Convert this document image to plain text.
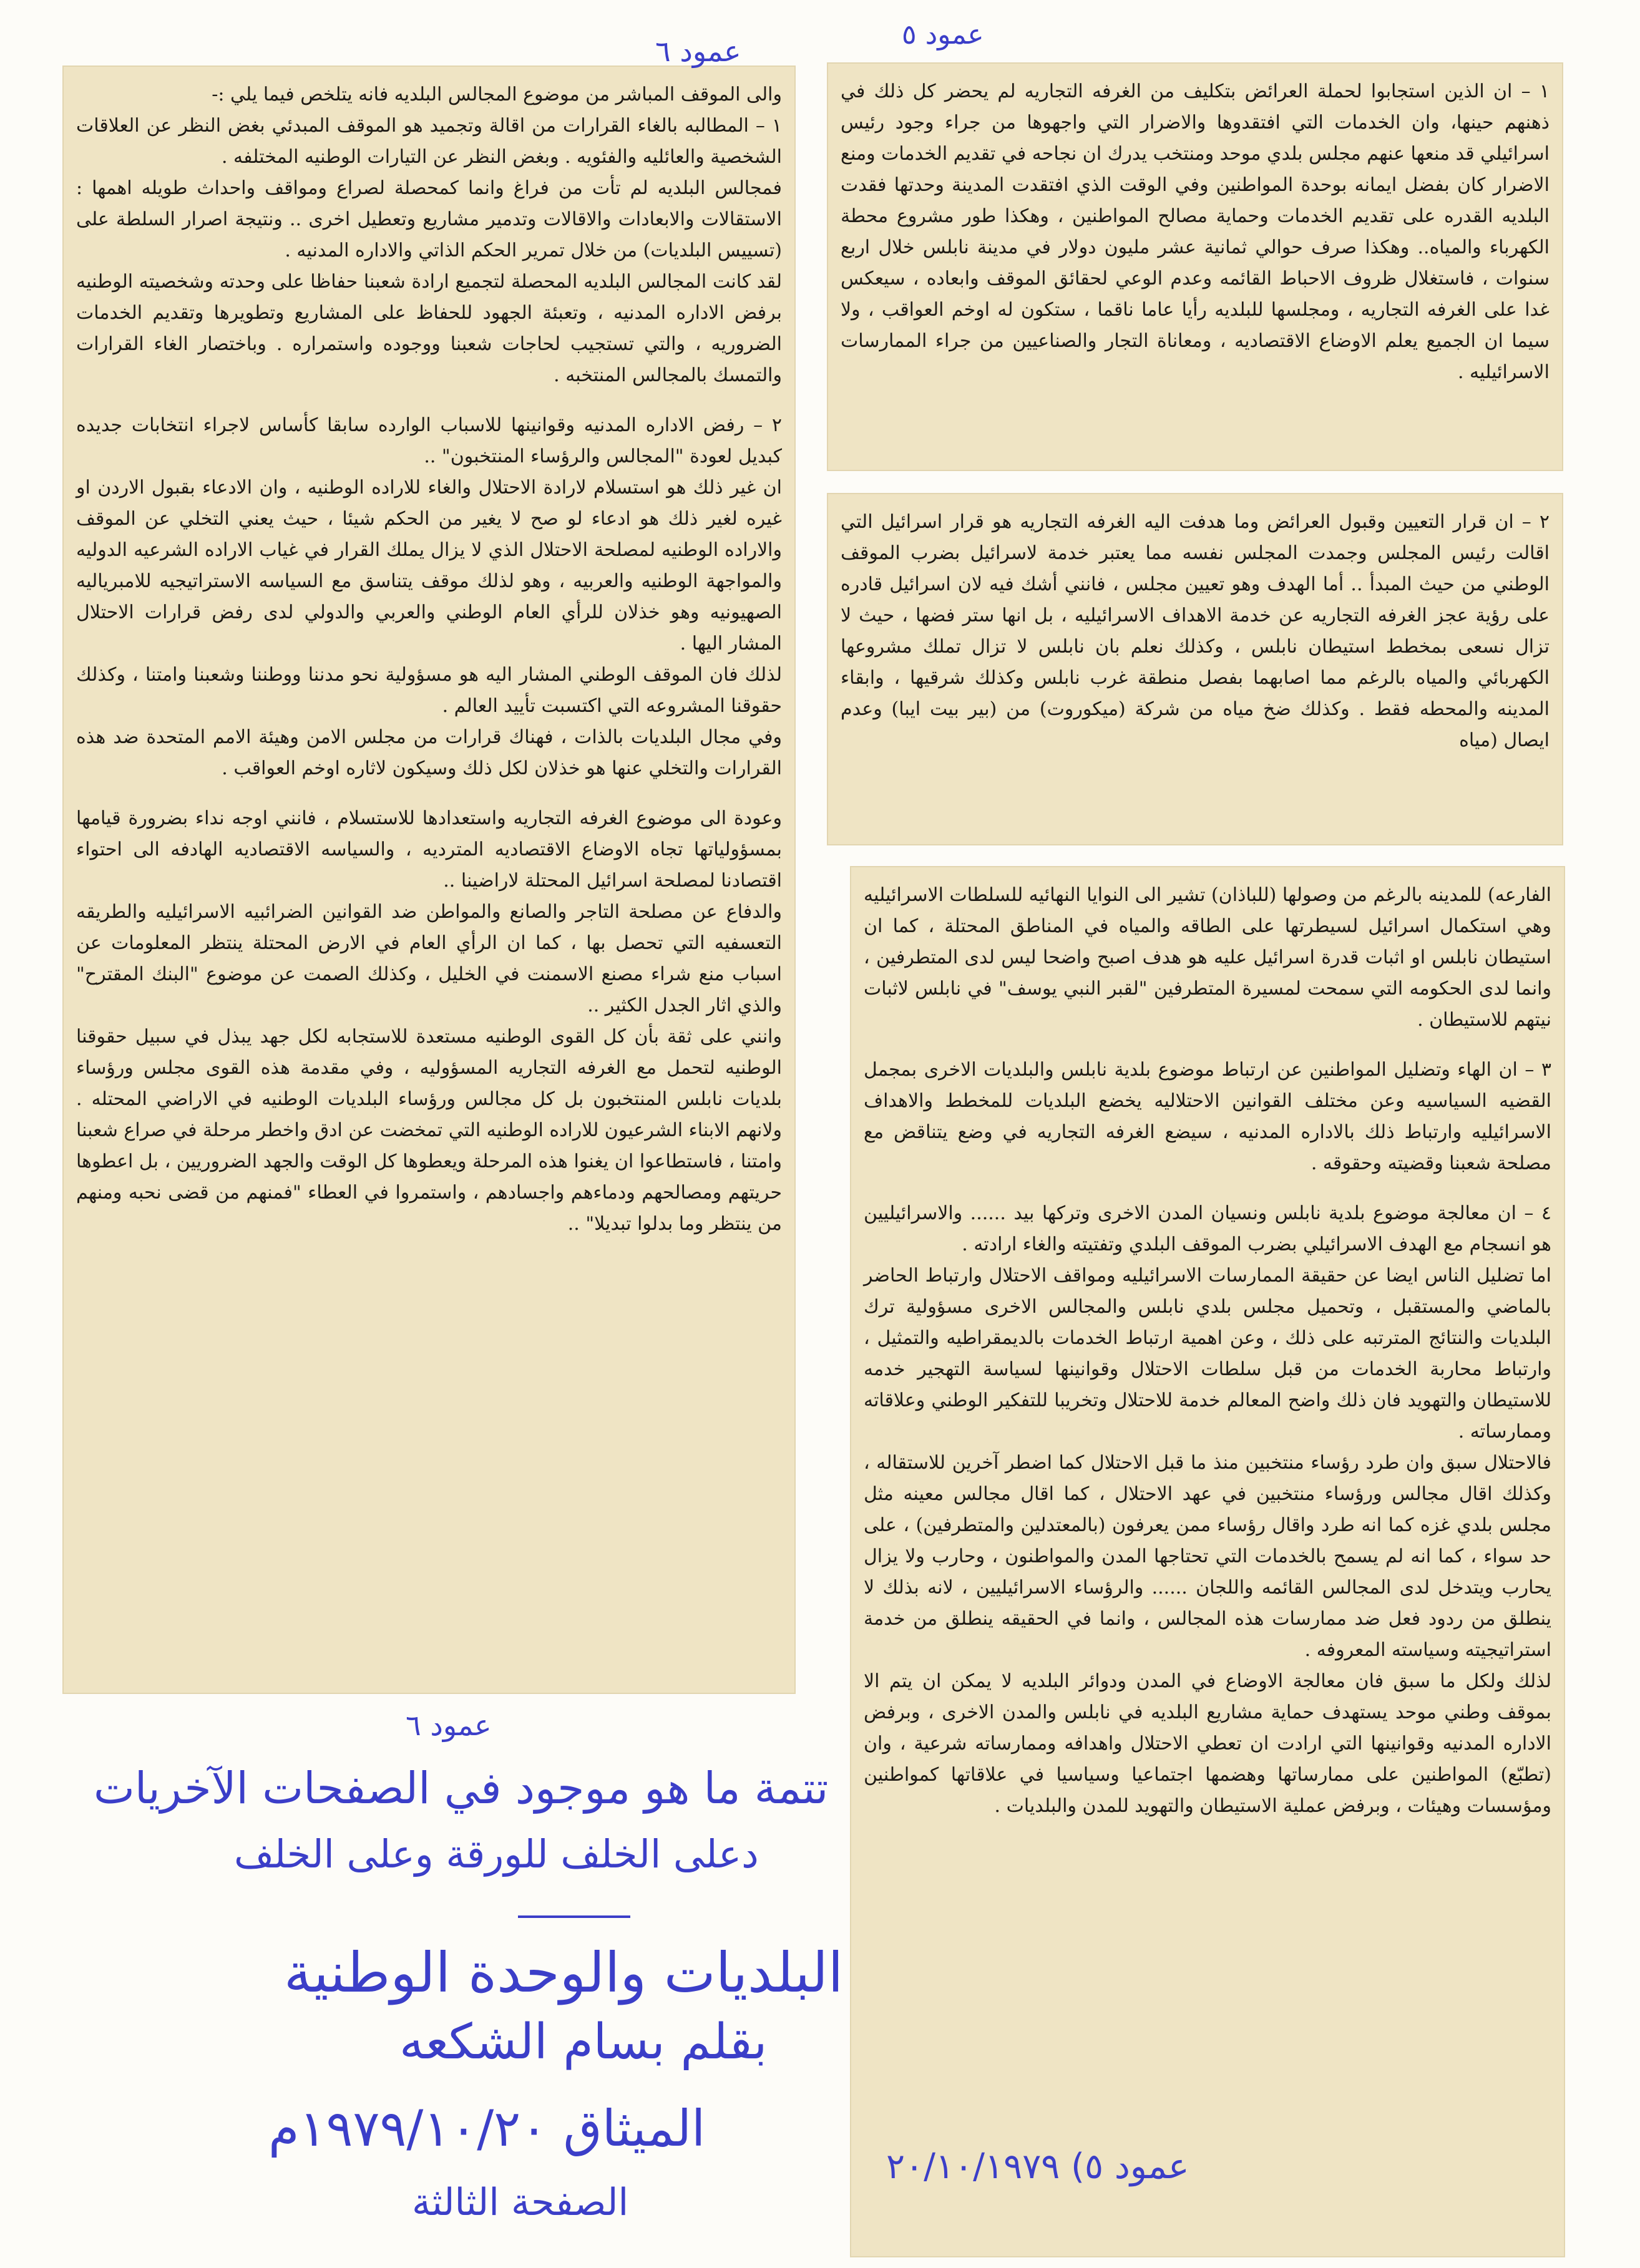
١ – ان الذين استجابوا لحملة العرائض بتكليف من الغرفه التجاريه لم يحضر كل ذلك في ذهنهم حينها، وان الخدمات التي افتقدوها والاضرار التي واجهوها من جراء وجود رئيس اسرائيلي قد منعها عنهم مجلس بلدي موحد ومنتخب يدرك ان نجاحه في تقديم الخدمات ومنع الاضرار كان بفضل ايمانه بوحدة المواطنين وفي الوقت الذي افتقدت المدينة وحدتها فقدت البلديه القدره على تقديم الخدمات وحماية مصالح المواطنين ، وهكذا طور مشروع محطة الكهرباء والمياه.. وهكذا صرف حوالي ثمانية عشر مليون دولار في مدينة نابلس خلال اربع سنوات ، فاستغلال ظروف الاحباط القائمه وعدم الوعي لحقائق الموقف وابعاده ، سيعكس غدا على الغرفه التجاريه ، ومجلسها للبلديه رأيا عاما ناقما ، ستكون له اوخم العواقب ، ولا سيما ان الجميع يعلم الاوضاع الاقتصاديه ، ومعاناة التجار والصناعيين من جراء الممارسات الاسرائيليه .

٢ – ان قرار التعيين وقبول العرائض وما هدفت اليه الغرفه التجاريه هو قرار اسرائيل التي اقالت رئيس المجلس وجمدت المجلس نفسه مما يعتبر خدمة لاسرائيل بضرب الموقف الوطني من حيث المبدأ .. أما الهدف وهو تعيين مجلس ، فانني أشك فيه لان اسرائيل قادره على رؤية عجز الغرفه التجاريه عن خدمة الاهداف الاسرائيليه ، بل انها ستر فضها ، حيث لا تزال نسعى بمخطط استيطان نابلس ، وكذلك نعلم بان نابلس لا تزال تملك مشروعها الكهربائي والمياه بالرغم مما اصابهما بفصل منطقة غرب نابلس وكذلك شرقيها ، وابقاء المدينه والمحطه فقط . وكذلك ضخ مياه من شركة (ميكوروت) من (بير بيت ايبا) وعدم ايصال (مياه

الفارعه) للمدينه بالرغم من وصولها (للباذان) تشير الى النوايا النهائيه للسلطات الاسرائيليه وهي استكمال اسرائيل لسيطرتها على الطاقه والمياه في المناطق المحتلة ، كما ان استيطان نابلس او اثبات قدرة اسرائيل عليه هو هدف اصبح واضحا ليس لدى المتطرفين ، وانما لدى الحكومه التي سمحت لمسيرة المتطرفين "لقبر النبي يوسف" في نابلس لاثبات نيتهم للاستيطان .

٣ – ان الهاء وتضليل المواطنين عن ارتباط موضوع بلدية نابلس والبلديات الاخرى بمجمل القضيه السياسيه وعن مختلف القوانين الاحتلاليه يخضع البلديات للمخطط والاهداف الاسرائيليه وارتباط ذلك بالاداره المدنيه ، سيضع الغرفه التجاريه في وضع يتناقض مع مصلحة شعبنا وقضيته وحقوقه .

٤ – ان معالجة موضوع بلدية نابلس ونسيان المدن الاخرى وتركها بيد ...... والاسرائيليين هو انسجام مع الهدف الاسرائيلي بضرب الموقف البلدي وتفتيته والغاء ارادته .

اما تضليل الناس ايضا عن حقيقة الممارسات الاسرائيليه ومواقف الاحتلال وارتباط الحاضر بالماضي والمستقبل ، وتحميل مجلس بلدي نابلس والمجالس الاخرى مسؤولية ترك البلديات والنتائج المترتبه على ذلك ، وعن اهمية ارتباط الخدمات بالديمقراطيه والتمثيل ، وارتباط محاربة الخدمات من قبل سلطات الاحتلال وقوانينها لسياسة التهجير خدمه للاستيطان والتهويد فان ذلك واضح المعالم خدمة للاحتلال وتخريبا للتفكير الوطني وعلاقاته وممارساته .

فالاحتلال سبق وان طرد رؤساء منتخبين منذ ما قبل الاحتلال كما اضطر آخرين للاستقاله ، وكذلك اقال مجالس ورؤساء منتخبين في عهد الاحتلال ، كما اقال مجالس معينه مثل مجلس بلدي غزه كما انه طرد واقال رؤساء ممن يعرفون (بالمعتدلين والمتطرفين) ، على حد سواء ، كما انه لم يسمح بالخدمات التي تحتاجها المدن والمواطنون ، وحارب ولا يزال يحارب ويتدخل لدى المجالس القائمه واللجان ...... والرؤساء الاسرائيليين ، لانه بذلك لا ينطلق من ردود فعل ضد ممارسات هذه المجالس ، وانما في الحقيقه ينطلق من خدمة استراتيجيته وسياسته المعروفه .

لذلك ولكل ما سبق فان معالجة الاوضاع في المدن ودوائر البلديه لا يمكن ان يتم الا بموقف وطني موحد يستهدف حماية مشاريع البلديه في نابلس والمدن الاخرى ، وبرفض الاداره المدنيه وقوانينها التي ارادت ان تعطي الاحتلال واهدافه وممارساته شرعية ، وان (تطبّع) المواطنين على ممارساتها وهضمها اجتماعيا وسياسيا في علاقاتها كمواطنين ومؤسسات وهيئات ، وبرفض عملية الاستيطان والتهويد للمدن والبلديات .

والى الموقف المباشر من موضوع المجالس البلديه فانه يتلخص فيما يلي :-

١ – المطالبه بالغاء القرارات من اقالة وتجميد هو الموقف المبدئي بغض النظر عن العلاقات الشخصية والعائليه والفئويه . وبغض النظر عن التيارات الوطنيه المختلفه .

فمجالس البلديه لم تأت من فراغ وانما كمحصلة لصراع ومواقف واحداث طويله اهمها : الاستقالات والابعادات والاقالات وتدمير مشاريع وتعطيل اخرى .. ونتيجة اصرار السلطة على (تسييس البلديات) من خلال تمرير الحكم الذاتي والاداره المدنيه .

لقد كانت المجالس البلديه المحصلة لتجميع ارادة شعبنا حفاظا على وحدته وشخصيته الوطنيه برفض الاداره المدنيه ، وتعبئة الجهود للحفاظ على المشاريع وتطويرها وتقديم الخدمات الضروريه ، والتي تستجيب لحاجات شعبنا ووجوده واستمراره . وباختصار الغاء القرارات والتمسك بالمجالس المنتخبه .

٢ – رفض الاداره المدنيه وقوانينها للاسباب الوارده سابقا كأساس لاجراء انتخابات جديده كبديل لعودة "المجالس والرؤساء المنتخبون" ..

ان غير ذلك هو استسلام لارادة الاحتلال والغاء للاراده الوطنيه ، وان الادعاء بقبول الاردن او غيره لغير ذلك هو ادعاء لو صح لا يغير من الحكم شيئا ، حيث يعني التخلي عن الموقف والاراده الوطنيه لمصلحة الاحتلال الذي لا يزال يملك القرار في غياب الاراده الشرعيه الدوليه والمواجهة الوطنيه والعربيه ، وهو لذلك موقف يتناسق مع السياسه الاستراتيجيه للامبرياليه الصهيونيه وهو خذلان للرأي العام الوطني والعربي والدولي لدى رفض قرارات الاحتلال المشار اليها .

لذلك فان الموقف الوطني المشار اليه هو مسؤولية نحو مدننا ووطننا وشعبنا وامتنا ، وكذلك حقوقنا المشروعه التي اكتسبت تأييد العالم .

وفي مجال البلديات بالذات ، فهناك قرارات من مجلس الامن وهيئة الامم المتحدة ضد هذه القرارات والتخلي عنها هو خذلان لكل ذلك وسيكون لاثاره اوخم العواقب .

وعودة الى موضوع الغرفه التجاريه واستعدادها للاستسلام ، فانني اوجه نداء بضرورة قيامها بمسؤولياتها تجاه الاوضاع الاقتصاديه المترديه ، والسياسه الاقتصاديه الهادفه الى احتواء اقتصادنا لمصلحة اسرائيل المحتلة لاراضينا ..

والدفاع عن مصلحة التاجر والصانع والمواطن ضد القوانين الضرائبيه الاسرائيليه والطريقه التعسفيه التي تحصل بها ، كما ان الرأي العام في الارض المحتلة ينتظر المعلومات عن اسباب منع شراء مصنع الاسمنت في الخليل ، وكذلك الصمت عن موضوع "البنك المقترح" والذي اثار الجدل الكثير ..

وانني على ثقة بأن كل القوى الوطنيه مستعدة للاستجابه لكل جهد يبذل في سبيل حقوقنا الوطنيه لتحمل مع الغرفه التجاريه المسؤوليه ، وفي مقدمة هذه القوى مجلس ورؤساء بلديات نابلس المنتخبون بل كل مجالس ورؤساء البلديات الوطنيه في الاراضي المحتله . ولانهم الابناء الشرعيون للاراده الوطنيه التي تمخضت عن ادق واخطر مرحلة في صراع شعبنا وامتنا ، فاستطاعوا ان يغنوا هذه المرحلة ويعطوها كل الوقت والجهد الضروريين ، بل اعطوها حريتهم ومصالحهم ودماءهم واجسادهم ، واستمروا في العطاء "فمنهم من قضى نحبه ومنهم من ينتظر وما بدلوا تبديلا" ..

عمود ٥
عمود ٦
عمود ٦
تتمة ما هو موجود في الصفحات الآخريات
دعلى الخلف للورقة وعلى الخلف
البلديات والوحدة الوطنية
بقلم بسام الشكعه
الميثاق ١٩٧٩/١٠/٢٠م
الصفحة الثالثة
عمود ٥) ٢٠/١٠/١٩٧٩
